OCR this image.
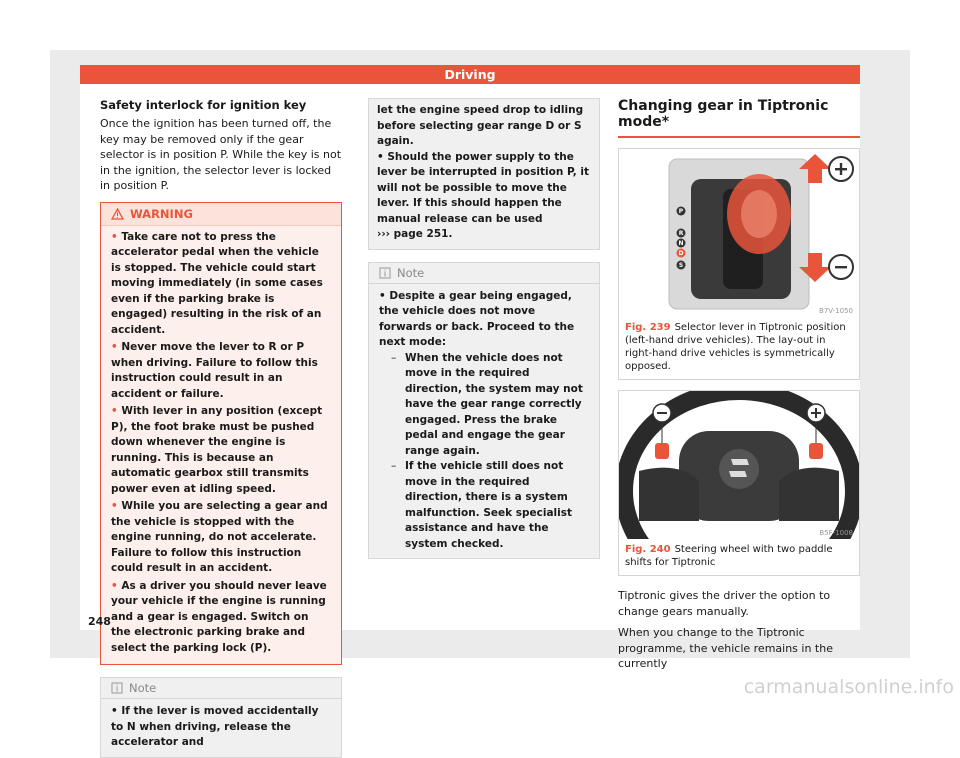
Driving
Safety interlock for ignition key

Once the ignition has been turned off, the key may be removed only if the gear selector is in position P. While the key is not in the ignition, the selector lever is locked in position P.

WARNING
• Take care not to press the accelerator pedal when the vehicle is stopped. The vehicle could start moving immediately (in some cases even if the parking brake is engaged) resulting in the risk of an accident.
• Never move the lever to R or P when driving. Failure to follow this instruction could result in an accident or failure.
• With lever in any position (except P), the foot brake must be pushed down whenever the engine is running. This is because an automatic gearbox still transmits power even at idling speed.
• While you are selecting a gear and the vehicle is stopped with the engine running, do not accelerate. Failure to follow this instruction could result in an accident.
• As a driver you should never leave your vehicle if the engine is running and a gear is engaged. Switch on the electronic parking brake and select the parking lock (P).
Note
• If the lever is moved accidentally to N when driving, release the accelerator and
let the engine speed drop to idling before selecting gear range D or S again.
• Should the power supply to the lever be interrupted in position P, it will not be possible to move the lever. If this should happen the manual release can be used
››› page 251.
Note
• Despite a gear being engaged, the vehicle does not move forwards or back. Proceed to the next mode:
– When the vehicle does not move in the required direction, the system may not have the gear range correctly engaged. Press the brake pedal and engage the gear range again.
– If the vehicle still does not move in the required direction, there is a system malfunction. Seek specialist assistance and have the system checked.
Changing gear in Tiptronic mode*
P
R
N
D
S
B7V-1050
Fig. 239 Selector lever in Tiptronic position (left-hand drive vehicles). The lay-out in right-hand drive vehicles is symmetrically opposed.
B5F-1008
Fig. 240 Steering wheel with two paddle shifts for Tiptronic

Tiptronic gives the driver the option to change gears manually.

When you change to the Tiptronic programme, the vehicle remains in the currently

248
carmanualsonline.info
